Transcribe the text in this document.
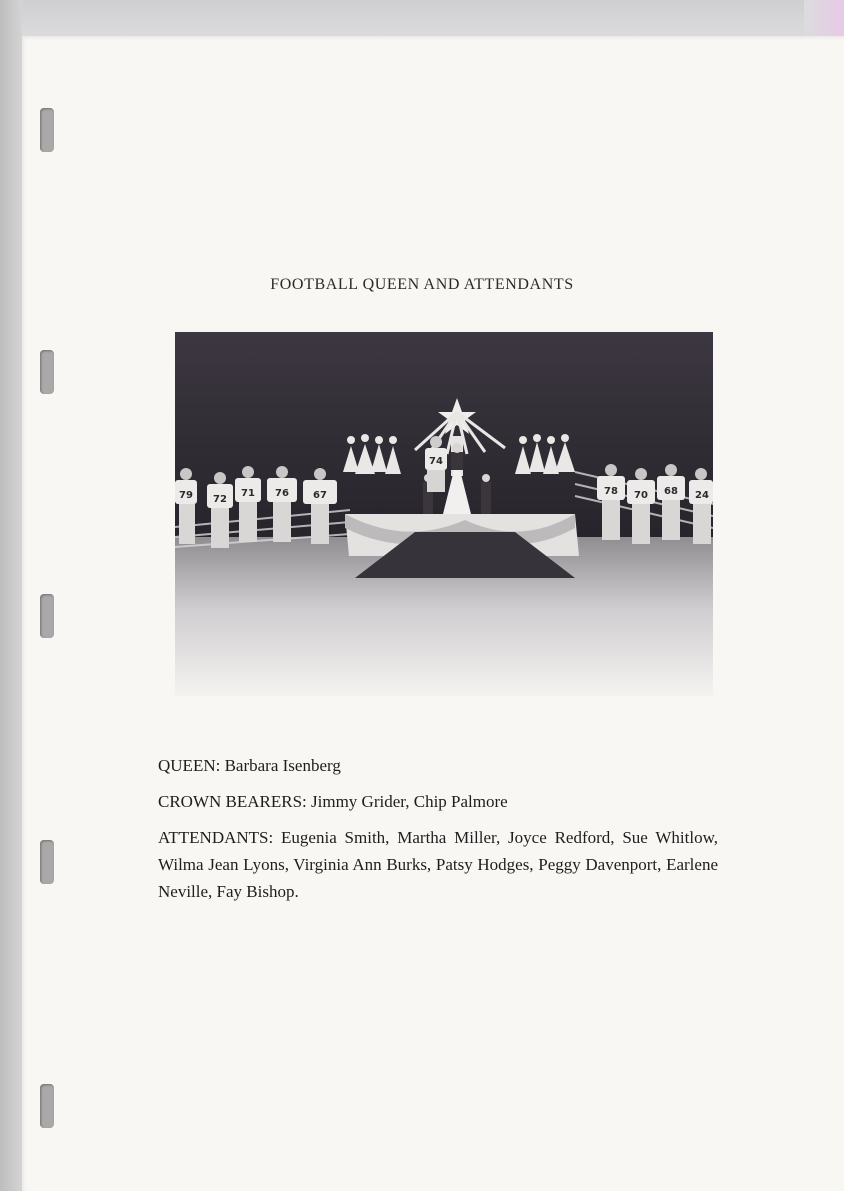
FOOTBALL QUEEN AND ATTENDANTS
74
79 72
71 76 67	78 70 68 24
QUEEN: Barbara Isenberg
CROWN BEARERS: Jimmy Grider, Chip Palmore
ATTENDANTS: Eugenia Smith, Martha Miller, Joyce Redford, Sue Whitlow, Wilma Jean Lyons, Virginia Ann Burks, Patsy Hodges, Peggy Davenport, Earlene Neville, Fay Bishop.
